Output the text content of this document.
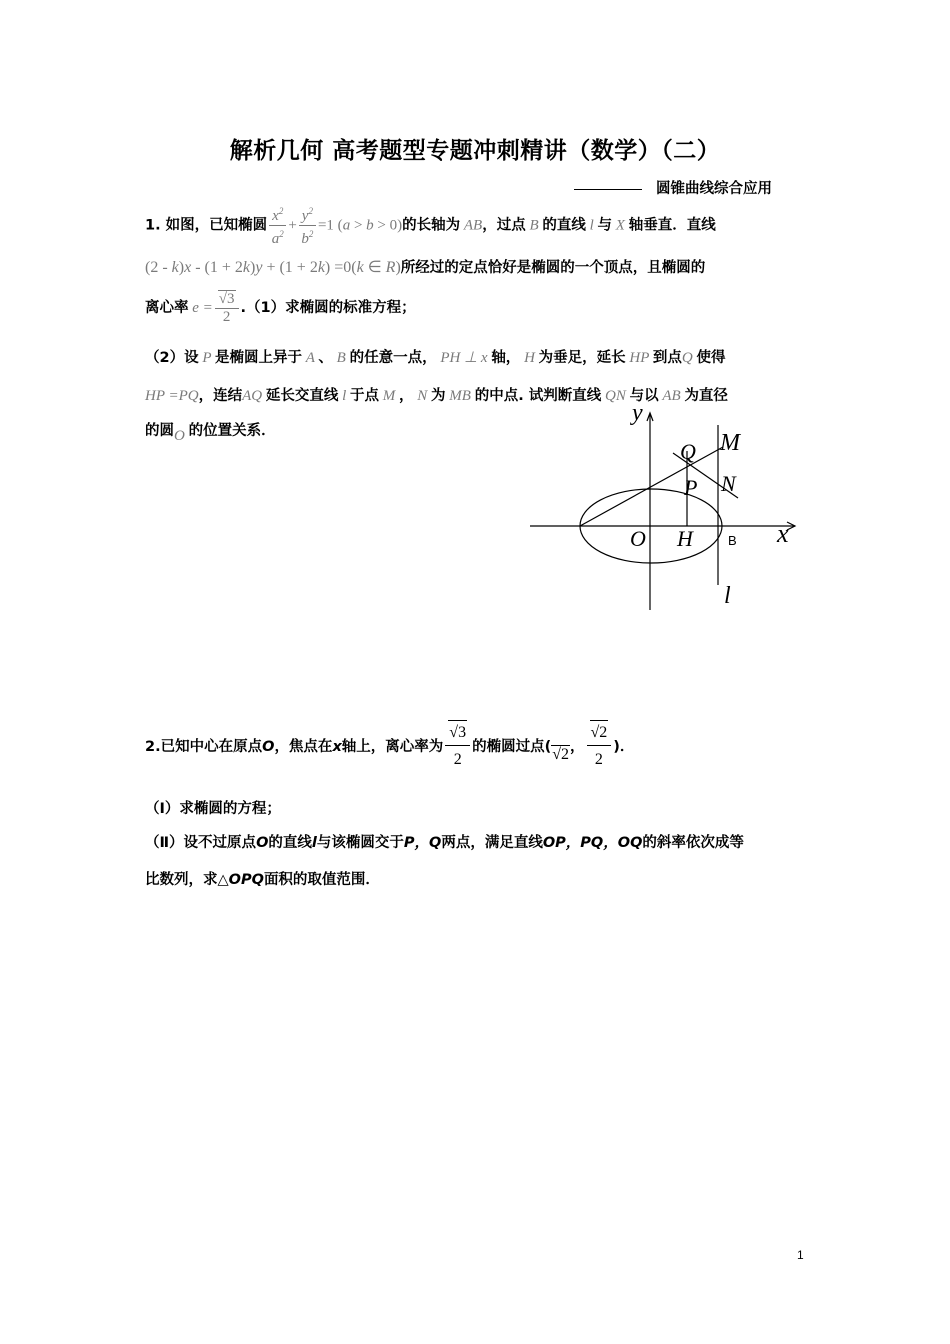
解析几何 高考题型专题冲刺精讲（数学）（二）
圆锥曲线综合应用
1. 如图，已知椭圆 $\frac{x^2}{a^2} + \frac{y^2}{b^2} =1$ (a > b > 0)的长轴为 AB，过点 B 的直线 l 与 X 轴垂直．直线
(2 - k)x - (1 + 2k)y + (1 + 2k) =0(k ∈ R)所经过的定点恰好是椭圆的一个顶点，且椭圆的
离心率 $e = \frac{√3}{2} .(1)$求椭圆的标准方程；
（2）设 P 是椭圆上异于 A 、 B 的任意一点， PH ⊥ x 轴， H 为垂足，延长 HP 到点Q 使得
HP =PQ，连结AQ 延长交直线 l 于点 M ， N 为 MB 的中点. 试判断直线 QN 与以 AB 为直径
的圆O 的位置关系．
y
M
Q
N
P
O H	B x
l
2.已知中心在原点O，焦点在x轴上，离心率为 $\frac{√3}{2}$ 的椭圆过点(√2， $\frac{√2}{2}$ )．
（Ⅰ）求椭圆的方程；
（Ⅱ）设不过原点O的直线l与该椭圆交于P，Q两点，满足直线OP，PQ，OQ的斜率依次成等
比数列，求△OPQ面积的取值范围．
1
